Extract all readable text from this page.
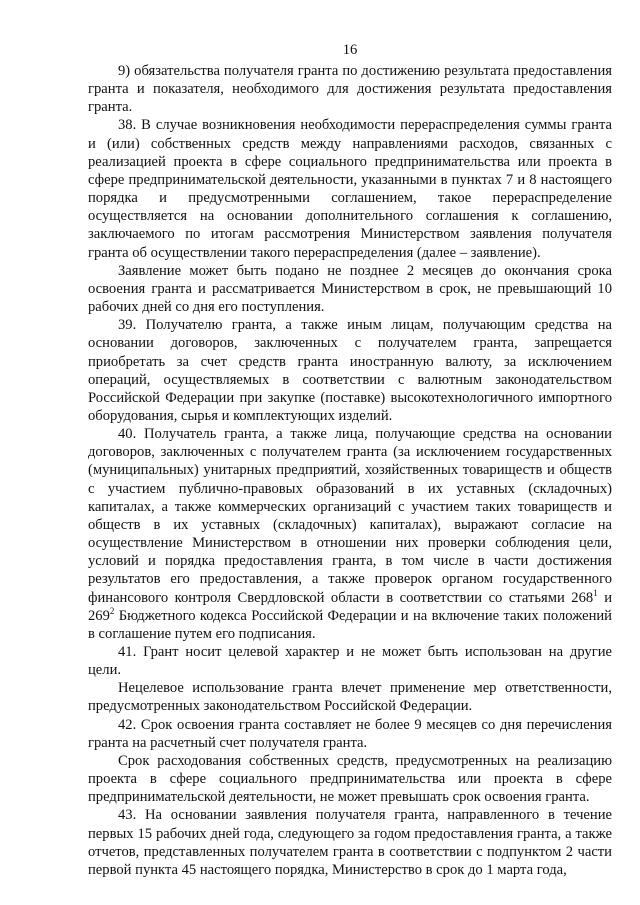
16

9) обязательства получателя гранта по достижению результата предоставления гранта и показателя, необходимого для достижения результата предоставления гранта.

38. В случае возникновения необходимости перераспределения суммы гранта и (или) собственных средств между направлениями расходов, связанных с реализацией проекта в сфере социального предпринимательства или проекта в сфере предпринимательской деятельности, указанными в пунктах 7 и 8 настоящего порядка и предусмотренными соглашением, такое перераспределение осуществляется на основании дополнительного соглашения к соглашению, заключаемого по итогам рассмотрения Министерством заявления получателя гранта об осуществлении такого перераспределения (далее – заявление).

Заявление может быть подано не позднее 2 месяцев до окончания срока освоения гранта и рассматривается Министерством в срок, не превышающий 10 рабочих дней со дня его поступления.

39. Получателю гранта, а также иным лицам, получающим средства на основании договоров, заключенных с получателем гранта, запрещается приобретать за счет средств гранта иностранную валюту, за исключением операций, осуществляемых в соответствии с валютным законодательством Российской Федерации при закупке (поставке) высокотехнологичного импортного оборудования, сырья и комплектующих изделий.

40. Получатель гранта, а также лица, получающие средства на основании договоров, заключенных с получателем гранта (за исключением государственных (муниципальных) унитарных предприятий, хозяйственных товариществ и обществ с участием публично-правовых образований в их уставных (складочных) капиталах, а также коммерческих организаций с участием таких товариществ и обществ в их уставных (складочных) капиталах), выражают согласие на осуществление Министерством в отношении них проверки соблюдения цели, условий и порядка предоставления гранта, в том числе в части достижения результатов его предоставления, а также проверок органом государственного финансового контроля Свердловской области в соответствии со статьями $268^1$ и $269^2$ Бюджетного кодекса Российской Федерации и на включение таких положений в соглашение путем его подписания.

41. Грант носит целевой характер и не может быть использован на другие цели.

Нецелевое использование гранта влечет применение мер ответственности, предусмотренных законодательством Российской Федерации.

42. Срок освоения гранта составляет не более 9 месяцев со дня перечисления гранта на расчетный счет получателя гранта.

Срок расходования собственных средств, предусмотренных на реализацию проекта в сфере социального предпринимательства или проекта в сфере предпринимательской деятельности, не может превышать срок освоения гранта.

43. На основании заявления получателя гранта, направленного в течение первых 15 рабочих дней года, следующего за годом предоставления гранта, а также отчетов, представленных получателем гранта в соответствии с подпунктом 2 части первой пункта 45 настоящего порядка, Министерство в срок до 1 марта года,
